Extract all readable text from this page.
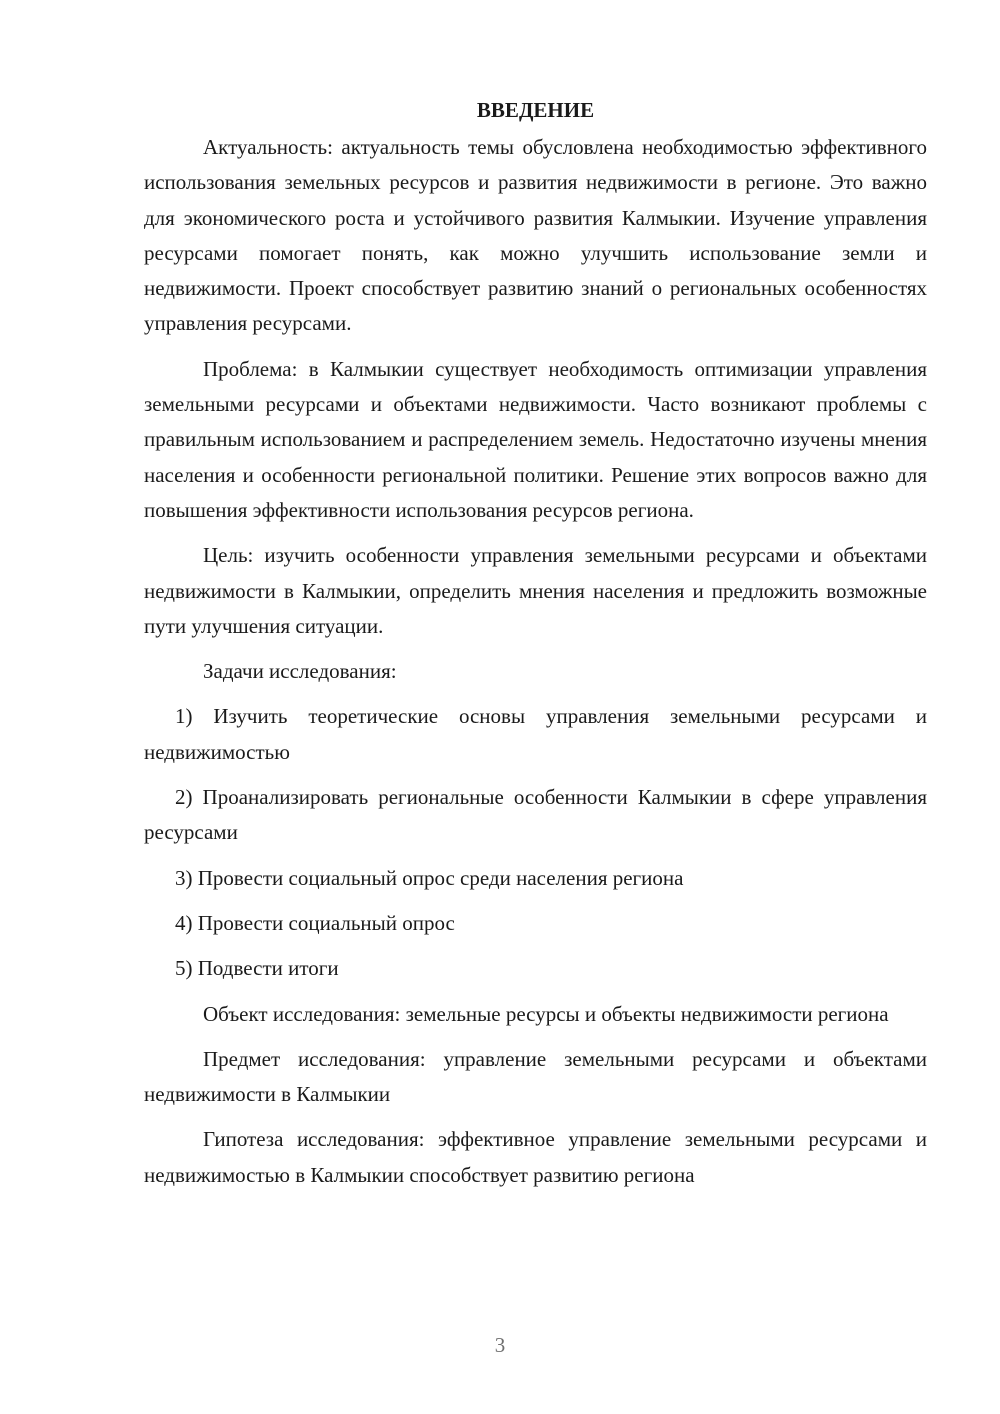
ВВЕДЕНИЕ

Актуальность: актуальность темы обусловлена необходимостью эффективного использования земельных ресурсов и развития недвижимости в регионе. Это важно для экономического роста и устойчивого развития Калмыкии. Изучение управления ресурсами помогает понять, как можно улучшить использование земли и недвижимости. Проект способствует развитию знаний о региональных особенностях управления ресурсами.

Проблема: в Калмыкии существует необходимость оптимизации управления земельными ресурсами и объектами недвижимости. Часто возникают проблемы с правильным использованием и распределением земель. Недостаточно изучены мнения населения и особенности региональной политики. Решение этих вопросов важно для повышения эффективности использования ресурсов региона.

Цель: изучить особенности управления земельными ресурсами и объектами недвижимости в Калмыкии, определить мнения населения и предложить возможные пути улучшения ситуации.

Задачи исследования:

1) Изучить теоретические основы управления земельными ресурсами и недвижимостью

2) Проанализировать региональные особенности Калмыкии в сфере управления ресурсами

3) Провести социальный опрос среди населения региона

4) Провести социальный опрос

5) Подвести итоги

Объект исследования: земельные ресурсы и объекты недвижимости региона

Предмет исследования: управление земельными ресурсами и объектами недвижимости в Калмыкии

Гипотеза исследования: эффективное управление земельными ресурсами и недвижимостью в Калмыкии способствует развитию региона

3
